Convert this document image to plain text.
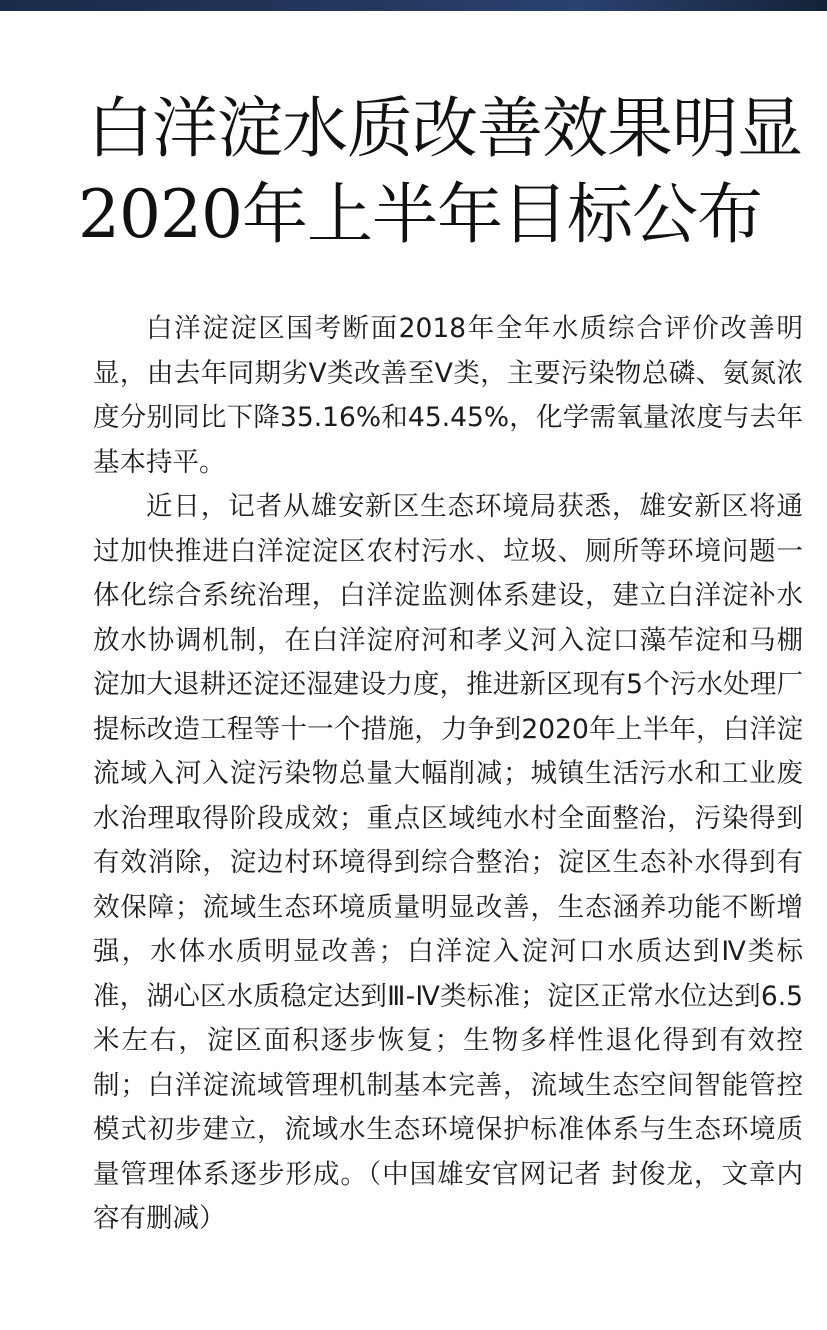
白洋淀水质改善效果明显
2020年上半年目标公布

白洋淀淀区国考断面2018年全年水质综合评价改善明显，由去年同期劣Ⅴ类改善至Ⅴ类，主要污染物总磷、氨氮浓度分别同比下降35.16%和45.45%，化学需氧量浓度与去年基本持平。

近日，记者从雄安新区生态环境局获悉，雄安新区将通过加快推进白洋淀淀区农村污水、垃圾、厕所等环境问题一体化综合系统治理，白洋淀监测体系建设，建立白洋淀补水放水协调机制，在白洋淀府河和孝义河入淀口藻苲淀和马棚淀加大退耕还淀还湿建设力度，推进新区现有5个污水处理厂提标改造工程等十一个措施，力争到2020年上半年，白洋淀流域入河入淀污染物总量大幅削减；城镇生活污水和工业废水治理取得阶段成效；重点区域纯水村全面整治，污染得到有效消除，淀边村环境得到综合整治；淀区生态补水得到有效保障；流域生态环境质量明显改善，生态涵养功能不断增强，水体水质明显改善；白洋淀入淀河口水质达到Ⅳ类标准，湖心区水质稳定达到Ⅲ-Ⅳ类标准；淀区正常水位达到6.5米左右，淀区面积逐步恢复；生物多样性退化得到有效控制；白洋淀流域管理机制基本完善，流域生态空间智能管控模式初步建立，流域水生态环境保护标准体系与生态环境质量管理体系逐步形成。（中国雄安官网记者 封俊龙，文章内容有删减）
